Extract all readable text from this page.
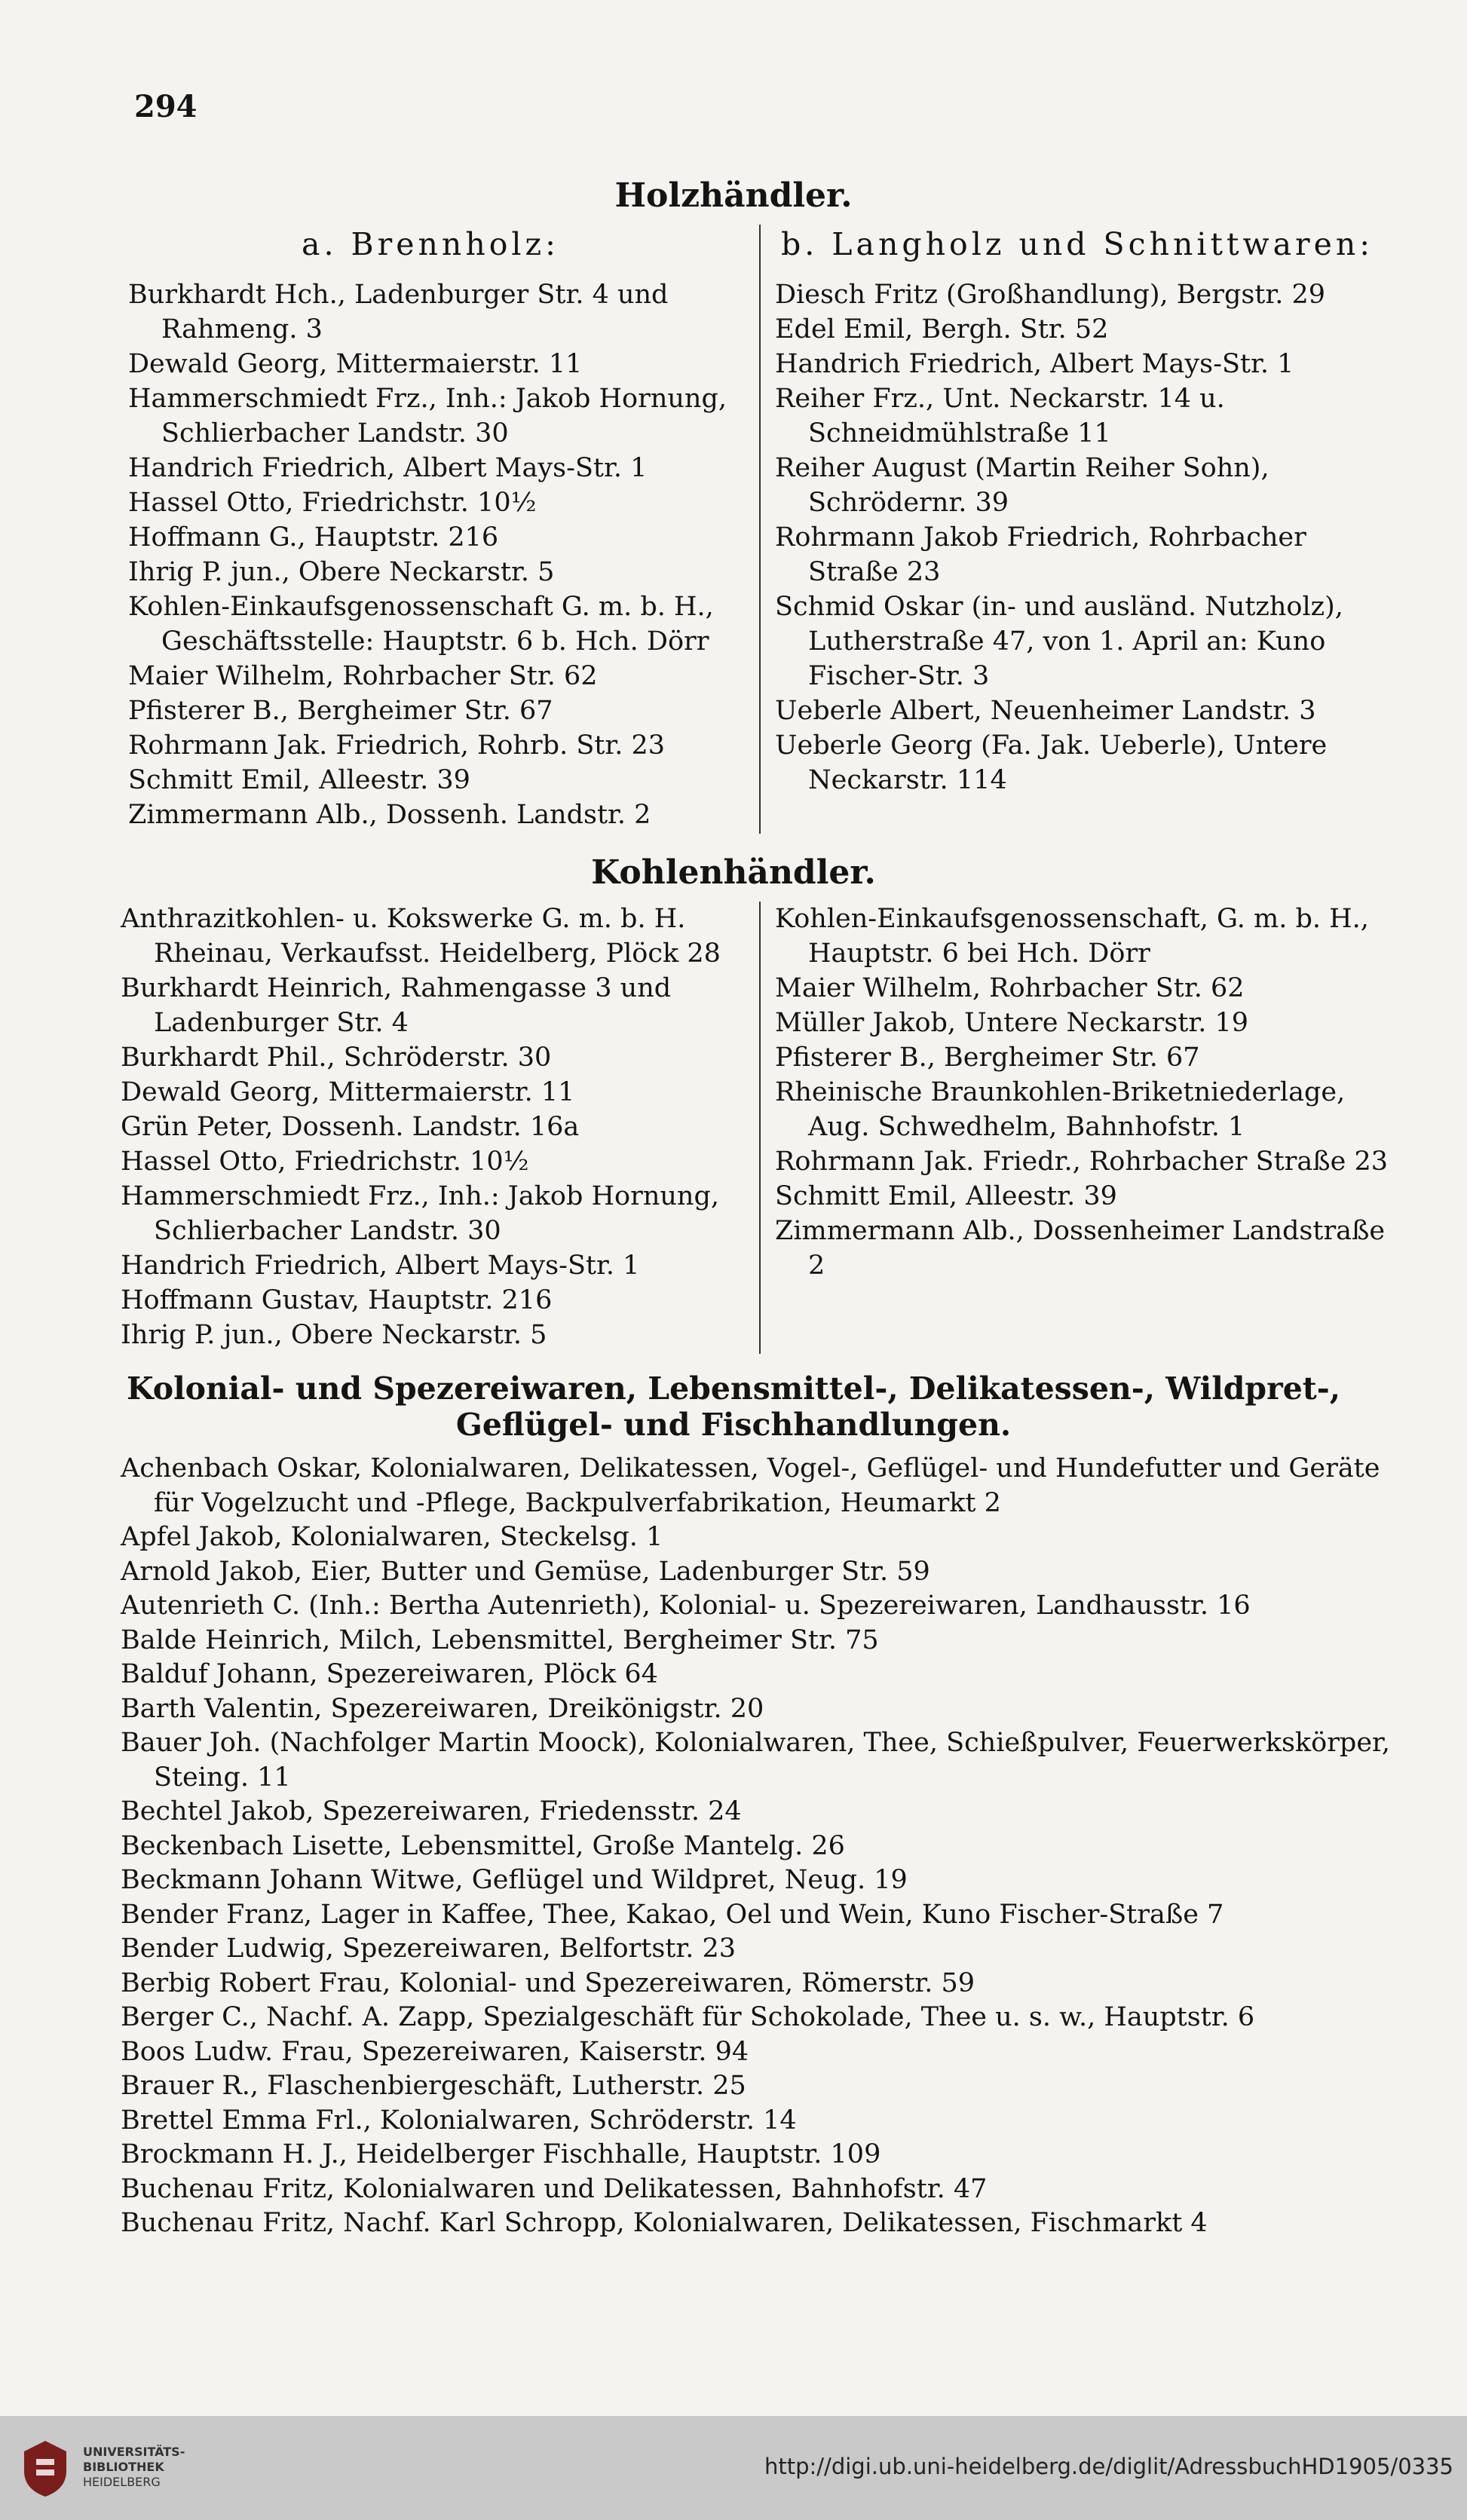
294
Holzhändler.
a. Brennholz:	b. Langholz und Schnittwaren:
Burkhardt Hch., Ladenburger Str. 4 und Rahmeng. 3
Dewald Georg, Mittermaierstr. 11
Hammerschmiedt Frz., Inh.: Jakob Hornung, Schlierbacher Landstr. 30
Handrich Friedrich, Albert Mays-Str. 1
Hassel Otto, Friedrichstr. 10½
Hoffmann G., Hauptstr. 216
Ihrig P. jun., Obere Neckarstr. 5
Kohlen-Einkaufsgenossenschaft G. m. b. H., Geschäftsstelle: Hauptstr. 6 b. Hch. Dörr
Maier Wilhelm, Rohrbacher Str. 62
Pfisterer B., Bergheimer Str. 67
Rohrmann Jak. Friedrich, Rohrb. Str. 23
Schmitt Emil, Alleestr. 39
Zimmermann Alb., Dossenh. Landstr. 2
Diesch Fritz (Großhandlung), Bergstr. 29
Edel Emil, Bergh. Str. 52
Handrich Friedrich, Albert Mays-Str. 1
Reiher Frz., Unt. Neckarstr. 14 u. Schneidmühlstraße 11
Reiher August (Martin Reiher Sohn), Schrödernr. 39
Rohrmann Jakob Friedrich, Rohrbacher Straße 23
Schmid Oskar (in- und ausländ. Nutzholz), Lutherstraße 47, von 1. April an: Kuno Fischer-Str. 3
Ueberle Albert, Neuenheimer Landstr. 3
Ueberle Georg (Fa. Jak. Ueberle), Untere Neckarstr. 114
Kohlenhändler.
Anthrazitkohlen- u. Kokswerke G. m. b. H. Rheinau, Verkaufsst. Heidelberg, Plöck 28
Burkhardt Heinrich, Rahmengasse 3 und Ladenburger Str. 4
Burkhardt Phil., Schröderstr. 30
Dewald Georg, Mittermaierstr. 11
Grün Peter, Dossenh. Landstr. 16a
Hassel Otto, Friedrichstr. 10½
Hammerschmiedt Frz., Inh.: Jakob Hornung, Schlierbacher Landstr. 30
Handrich Friedrich, Albert Mays-Str. 1
Hoffmann Gustav, Hauptstr. 216
Ihrig P. jun., Obere Neckarstr. 5
Kohlen-Einkaufsgenossenschaft, G. m. b. H., Hauptstr. 6 bei Hch. Dörr
Maier Wilhelm, Rohrbacher Str. 62
Müller Jakob, Untere Neckarstr. 19
Pfisterer B., Bergheimer Str. 67
Rheinische Braunkohlen-Briketniederlage, Aug. Schwedhelm, Bahnhofstr. 1
Rohrmann Jak. Friedr., Rohrbacher Straße 23
Schmitt Emil, Alleestr. 39
Zimmermann Alb., Dossenheimer Landstraße 2
Kolonial- und Spezereiwaren, Lebensmittel-, Delikatessen-, Wildpret-,
Geflügel- und Fischhandlungen.
Achenbach Oskar, Kolonialwaren, Delikatessen, Vogel-, Geflügel- und Hundefutter und Geräte für Vogelzucht und -Pflege, Backpulverfabrikation, Heumarkt 2
Apfel Jakob, Kolonialwaren, Steckelsg. 1
Arnold Jakob, Eier, Butter und Gemüse, Ladenburger Str. 59
Autenrieth C. (Inh.: Bertha Autenrieth), Kolonial- u. Spezereiwaren, Landhausstr. 16
Balde Heinrich, Milch, Lebensmittel, Bergheimer Str. 75
Balduf Johann, Spezereiwaren, Plöck 64
Barth Valentin, Spezereiwaren, Dreikönigstr. 20
Bauer Joh. (Nachfolger Martin Moock), Kolonialwaren, Thee, Schießpulver, Feuerwerkskörper, Steing. 11
Bechtel Jakob, Spezereiwaren, Friedensstr. 24
Beckenbach Lisette, Lebensmittel, Große Mantelg. 26
Beckmann Johann Witwe, Geflügel und Wildpret, Neug. 19
Bender Franz, Lager in Kaffee, Thee, Kakao, Oel und Wein, Kuno Fischer-Straße 7
Bender Ludwig, Spezereiwaren, Belfortstr. 23
Berbig Robert Frau, Kolonial- und Spezereiwaren, Römerstr. 59
Berger C., Nachf. A. Zapp, Spezialgeschäft für Schokolade, Thee u. s. w., Hauptstr. 6
Boos Ludw. Frau, Spezereiwaren, Kaiserstr. 94
Brauer R., Flaschenbiergeschäft, Lutherstr. 25
Brettel Emma Frl., Kolonialwaren, Schröderstr. 14
Brockmann H. J., Heidelberger Fischhalle, Hauptstr. 109
Buchenau Fritz, Kolonialwaren und Delikatessen, Bahnhofstr. 47
Buchenau Fritz, Nachf. Karl Schropp, Kolonialwaren, Delikatessen, Fischmarkt 4
UNIVERSITÄTS-
BIBLIOTHEK
HEIDELBERG
http://digi.ub.uni-heidelberg.de/diglit/AdressbuchHD1905/0335
